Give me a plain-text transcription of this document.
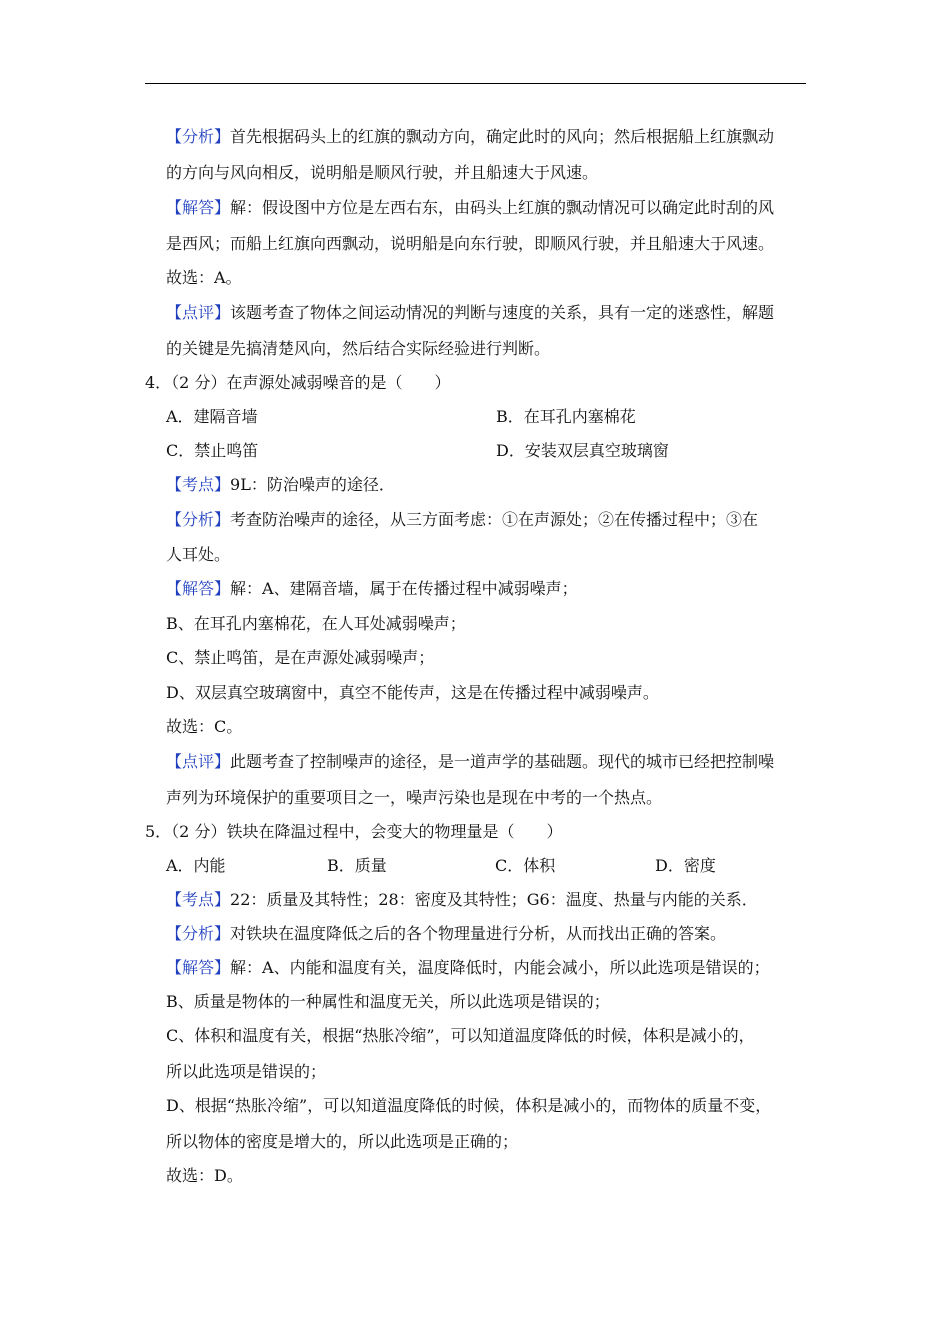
【分析】首先根据码头上的红旗的飘动方向，确定此时的风向；然后根据船上红旗飘动
的方向与风向相反，说明船是顺风行驶，并且船速大于风速。
【解答】解：假设图中方位是左西右东，由码头上红旗的飘动情况可以确定此时刮的风
是西风；而船上红旗向西飘动，说明船是向东行驶，即顺风行驶，并且船速大于风速。
故选：A。
【点评】该题考查了物体之间运动情况的判断与速度的关系，具有一定的迷惑性，解题
的关键是先搞清楚风向，然后结合实际经验进行判断。
4．（2 分）在声源处减弱噪音的是（　　）
A．建隔音墙	B．在耳孔内塞棉花
C．禁止鸣笛	D．安装双层真空玻璃窗
【考点】9L：防治噪声的途径．
【分析】考查防治噪声的途径，从三方面考虑：①在声源处；②在传播过程中；③在
人耳处。
【解答】解：A、建隔音墙，属于在传播过程中减弱噪声；
B、在耳孔内塞棉花，在人耳处减弱噪声；
C、禁止鸣笛，是在声源处减弱噪声；
D、双层真空玻璃窗中，真空不能传声，这是在传播过程中减弱噪声。
故选：C。
【点评】此题考查了控制噪声的途径，是一道声学的基础题。现代的城市已经把控制噪
声列为环境保护的重要项目之一，噪声污染也是现在中考的一个热点。
5．（2 分）铁块在降温过程中，会变大的物理量是（　　）
A．内能	B．质量	C．体积	D．密度
【考点】22：质量及其特性；28：密度及其特性；G6：温度、热量与内能的关系．
【分析】对铁块在温度降低之后的各个物理量进行分析，从而找出正确的答案。
【解答】解：A、内能和温度有关，温度降低时，内能会减小，所以此选项是错误的；
B、质量是物体的一种属性和温度无关，所以此选项是错误的；
C、体积和温度有关，根据“热胀冷缩”，可以知道温度降低的时候，体积是减小的，
所以此选项是错误的；
D、根据“热胀冷缩”，可以知道温度降低的时候，体积是减小的，而物体的质量不变，
所以物体的密度是增大的，所以此选项是正确的；
故选：D。
